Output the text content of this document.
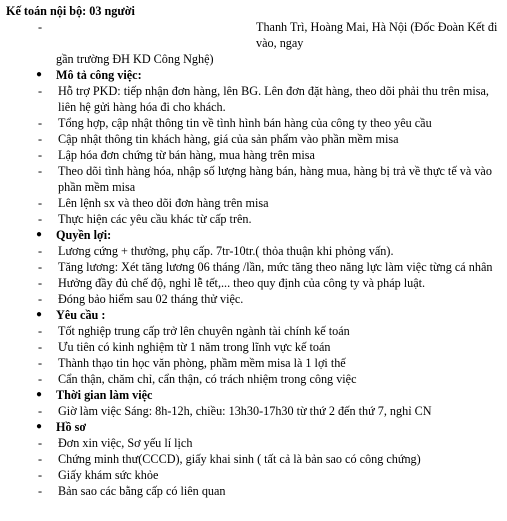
Kế toán nội bộ: 03 người
-	Thanh Trì, Hoàng Mai, Hà Nội (Đốc Đoàn Kết đi vào, ngay
gần trường ĐH KD Công Nghệ)
●	Mô tả công việc:
-	Hỗ trợ PKD: tiếp nhận đơn hàng, lên BG. Lên đơn đặt hàng, theo dõi phải thu trên misa, liên hệ gửi hàng hóa đi cho khách.
-	Tổng hợp, cập nhật thông tin về tình hình bán hàng của công ty theo yêu cầu
-	Cập nhật thông tin khách hàng, giá của sản phẩm vào phần mềm misa
-	Lập hóa đơn chứng từ bán hàng, mua hàng trên misa
-	Theo dõi tình hàng hóa, nhập số lượng hàng bán, hàng mua, hàng bị trả về thực tế và vào phần mềm misa
-	Lên lệnh sx và theo dõi đơn hàng trên misa
-	Thực hiện các yêu cầu khác từ cấp trên.
●	Quyền lợi:
-	Lương cứng + thưởng, phụ cấp. 7tr-10tr.( thỏa thuận khi phỏng vấn).
-	Tăng lương: Xét tăng lương 06 tháng /lần, mức tăng theo năng lực làm việc từng cá nhân
-	Hưởng đầy đủ chế độ, nghỉ lễ tết,... theo quy định của công ty và pháp luật.
-	Đóng bảo hiểm sau 02 tháng thử việc.
●	Yêu cầu :
-	Tốt nghiệp trung cấp trở lên chuyên ngành tài chính kế toán
-	Ưu tiên có kinh nghiệm từ 1 năm trong lĩnh vực kế toán
-	Thành thạo tin học văn phòng, phầm mềm misa là 1 lợi thế
-	Cẩn thận, chăm chỉ, cẩn thận, có trách nhiệm trong công việc
●	Thời gian làm việc
-	Giờ làm việc Sáng: 8h-12h, chiều: 13h30-17h30 từ thứ 2 đến thứ 7, nghỉ CN
●	Hồ sơ
-	Đơn xin việc, Sơ yếu lí lịch
-	Chứng minh thư(CCCD), giấy khai sinh ( tất cả là bản sao có công chứng)
-	Giấy khám sức khỏe
-	Bản sao các bằng cấp có liên quan
